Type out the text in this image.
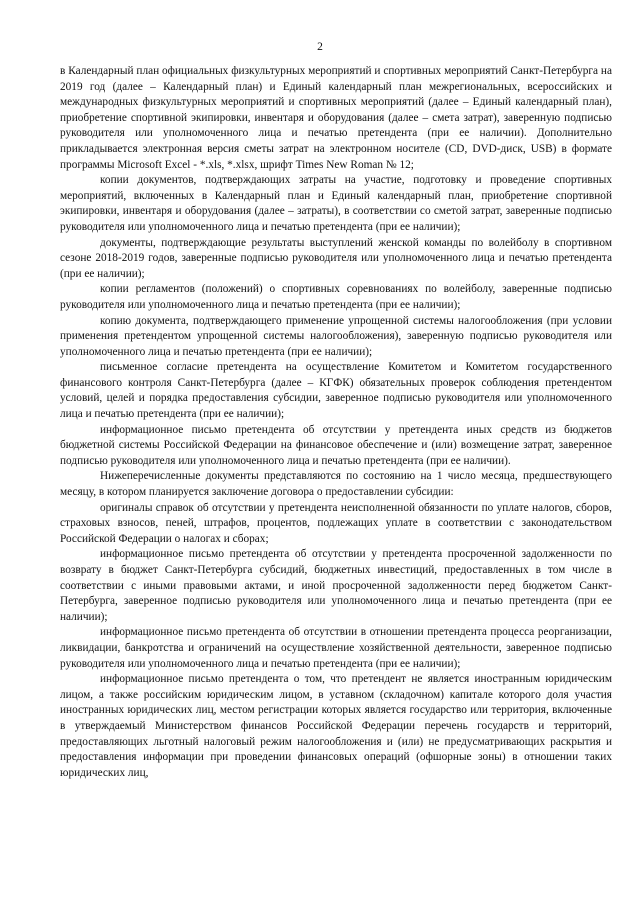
2

в Календарный план официальных физкультурных мероприятий и спортивных мероприятий Санкт-Петербурга на 2019 год (далее – Календарный план) и Единый календарный план межрегиональных, всероссийских и международных физкультурных мероприятий и спортивных мероприятий (далее – Единый календарный план), приобретение спортивной экипировки, инвентаря и оборудования (далее – смета затрат), заверенную подписью руководителя или уполномоченного лица и печатью претендента (при ее наличии). Дополнительно прикладывается электронная версия сметы затрат на электронном носителе (CD, DVD-диск, USB) в формате программы Microsoft Excel - *.xls, *.xlsx, шрифт Times New Roman № 12;

копии документов, подтверждающих затраты на участие, подготовку и проведение спортивных мероприятий, включенных в Календарный план и Единый календарный план, приобретение спортивной экипировки, инвентаря и оборудования (далее – затраты), в соответствии со сметой затрат, заверенные подписью руководителя или уполномоченного лица и печатью претендента (при ее наличии);

документы, подтверждающие результаты выступлений женской команды по волейболу в спортивном сезоне 2018-2019 годов, заверенные подписью руководителя или уполномоченного лица и печатью претендента (при ее наличии);

копии регламентов (положений) о спортивных соревнованиях по волейболу, заверенные подписью руководителя или уполномоченного лица и печатью претендента (при ее наличии);

копию документа, подтверждающего применение упрощенной системы налогообложения (при условии применения претендентом упрощенной системы налогообложения), заверенную подписью руководителя или уполномоченного лица и печатью претендента (при ее наличии);

письменное согласие претендента на осуществление Комитетом и Комитетом государственного финансового контроля Санкт-Петербурга (далее – КГФК) обязательных проверок соблюдения претендентом условий, целей и порядка предоставления субсидии, заверенное подписью руководителя или уполномоченного лица и печатью претендента (при ее наличии);

информационное письмо претендента об отсутствии у претендента иных средств из бюджетов бюджетной системы Российской Федерации на финансовое обеспечение и (или) возмещение затрат, заверенное подписью руководителя или уполномоченного лица и печатью претендента (при ее наличии).

Нижеперечисленные документы представляются по состоянию на 1 число месяца, предшествующего месяцу, в котором планируется заключение договора о предоставлении субсидии:

оригиналы справок об отсутствии у претендента неисполненной обязанности по уплате налогов, сборов, страховых взносов, пеней, штрафов, процентов, подлежащих уплате в соответствии с законодательством Российской Федерации о налогах и сборах;

информационное письмо претендента об отсутствии у претендента просроченной задолженности по возврату в бюджет Санкт-Петербурга субсидий, бюджетных инвестиций, предоставленных в том числе в соответствии с иными правовыми актами, и иной просроченной задолженности перед бюджетом Санкт-Петербурга, заверенное подписью руководителя или уполномоченного лица и печатью претендента (при ее наличии);

информационное письмо претендента об отсутствии в отношении претендента процесса реорганизации, ликвидации, банкротства и ограничений на осуществление хозяйственной деятельности, заверенное подписью руководителя или уполномоченного лица и печатью претендента (при ее наличии);

информационное письмо претендента о том, что претендент не является иностранным юридическим лицом, а также российским юридическим лицом, в уставном (складочном) капитале которого доля участия иностранных юридических лиц, местом регистрации которых является государство или территория, включенные в утверждаемый Министерством финансов Российской Федерации перечень государств и территорий, предоставляющих льготный налоговый режим налогообложения и (или) не предусматривающих раскрытия и предоставления информации при проведении финансовых операций (офшорные зоны) в отношении таких юридических лиц,
